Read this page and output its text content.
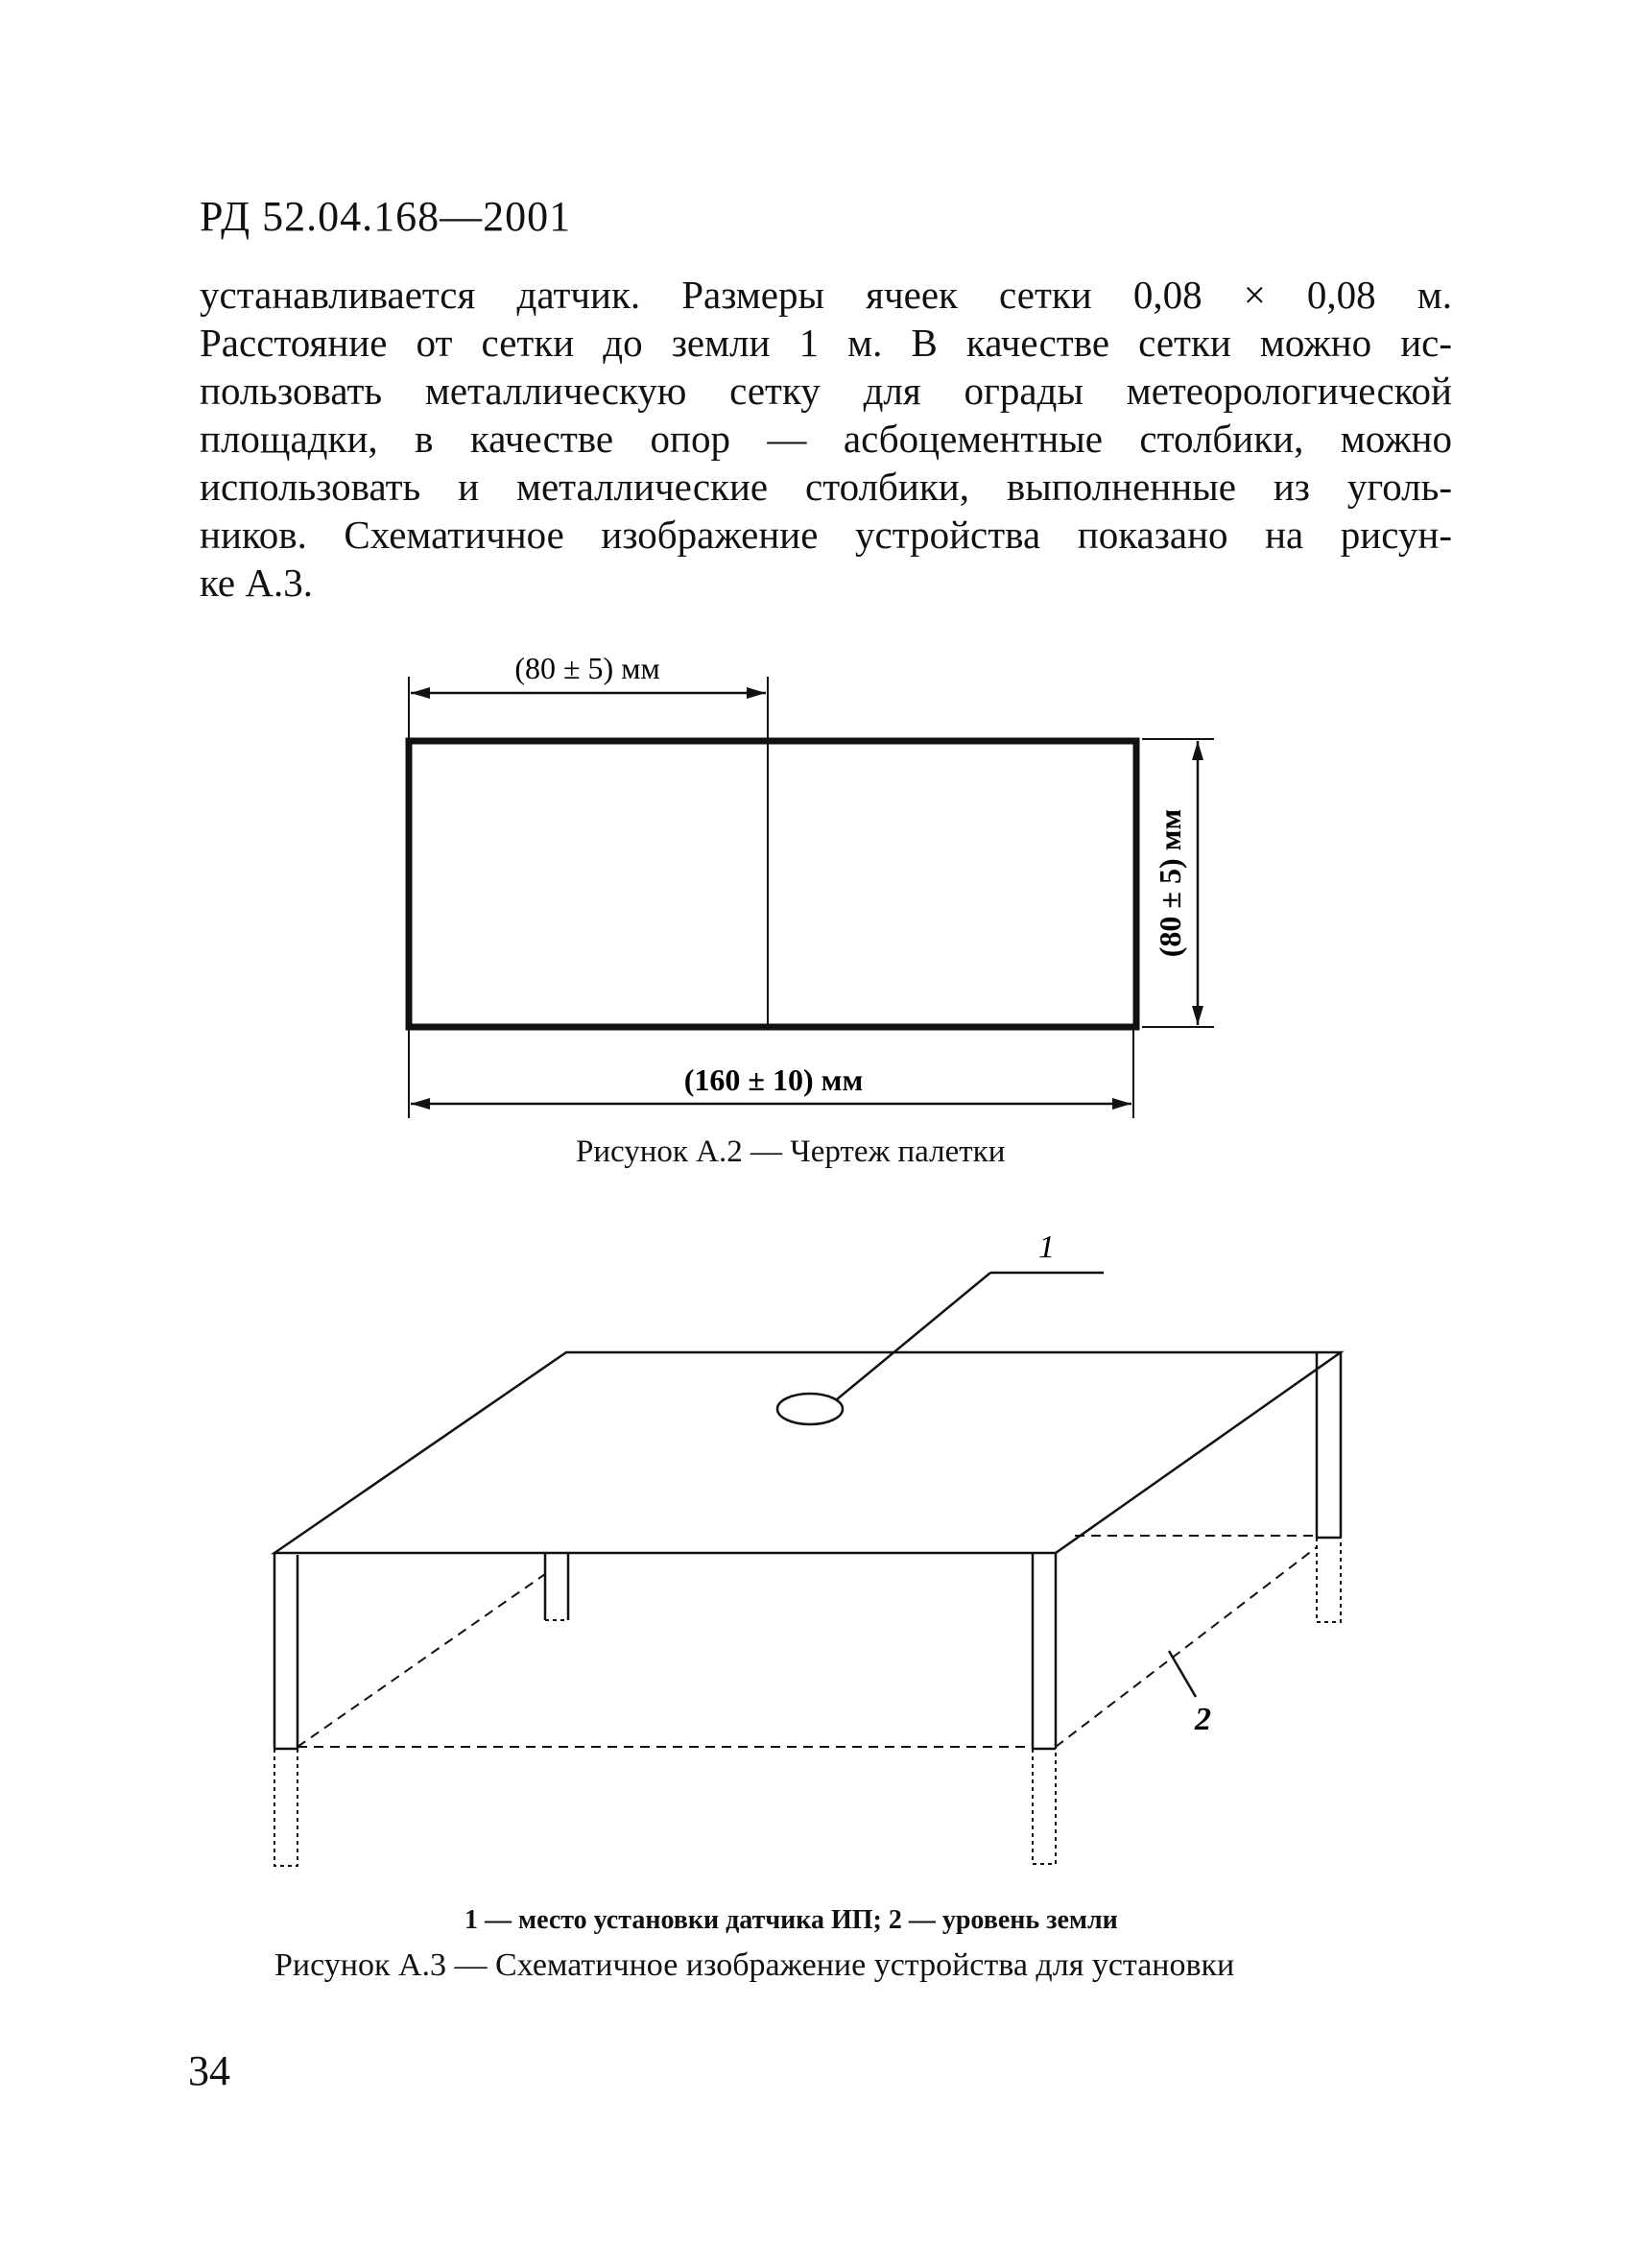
РД 52.04.168—2001
устанавливается датчик. Размеры ячеек сетки 0,08 × 0,08 м.
Расстояние от сетки до земли 1 м. В качестве сетки можно ис-
пользовать металлическую сетку для ограды метеорологической
площадки, в качестве опор — асбоцементные столбики, можно
использовать и металлические столбики, выполненные из уголь-
ников. Схематичное изображение устройства показано на рисун-
ке А.3.
(80 ± 5) мм
(80 ± 5) мм
(160 ± 10) мм
1
2
Рисунок А.2 — Чертеж палетки
1 — место установки датчика ИП; 2 — уровень земли
Рисунок А.3 — Схематичное изображение устройства для установки
34
